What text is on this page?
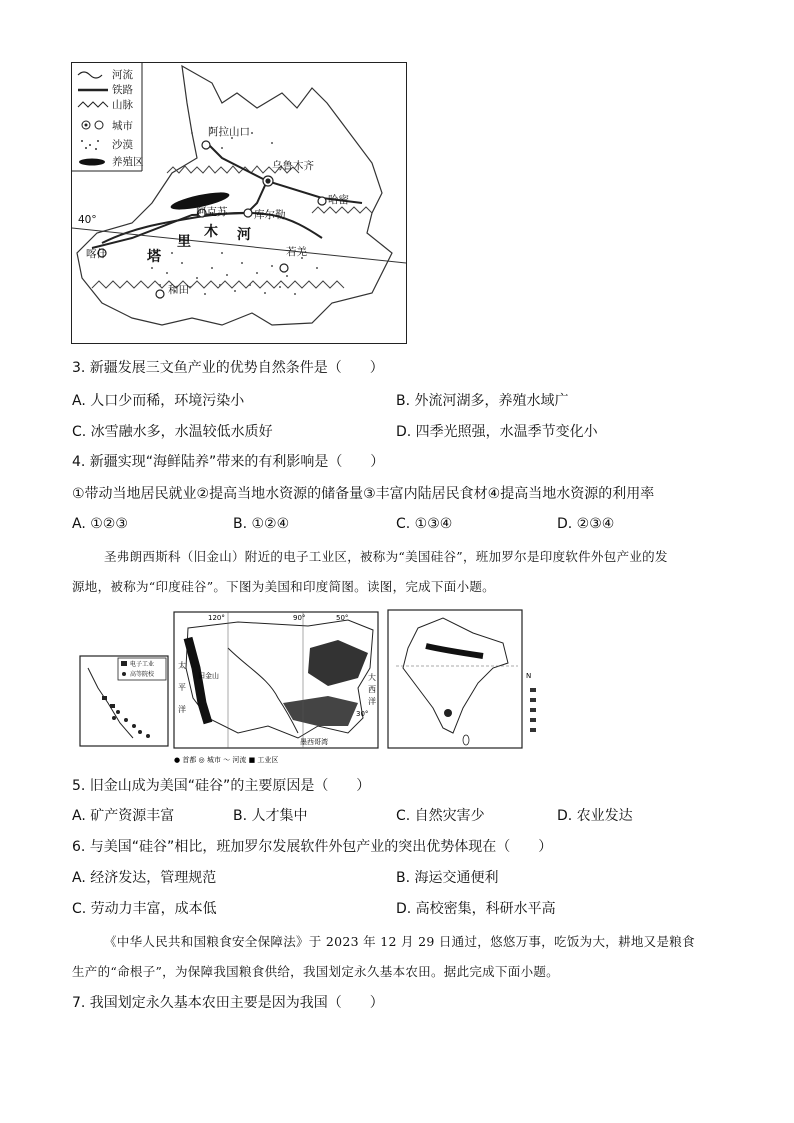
40°
阿拉山口
乌鲁木齐
哈密
阿克苏	库尔勒
若羌
喀什
和田
里
木 河
塔
河流
铁路
山脉
城市
沙漠
养殖区
3. 新疆发展三文鱼产业的优势自然条件是（　　）
A. 人口少而稀，环境污染小	B. 外流河湖多，养殖水域广
C. 冰雪融水多，水温较低水质好	D. 四季光照强，水温季节变化小
4. 新疆实现“海鲜陆养”带来的有利影响是（　　）
①带动当地居民就业②提高当地水资源的储备量③丰富内陆居民食材④提高当地水资源的利用率
A. ①②③	B. ①②④	C. ①③④	D. ②③④
圣弗朗西斯科（旧金山）附近的电子工业区，被称为“美国硅谷”，班加罗尔是印度软件外包产业的发
源地，被称为“印度硅谷”。下图为美国和印度简图。读图，完成下面小题。
电子工业
高等院校
120°	90°	50°
30°
旧金山	大
西
洋
太
平
洋
墨西哥湾
● 首都 ◎ 城市 〜 河流 ■ 工业区
N
5. 旧金山成为美国“硅谷”的主要原因是（　　）
A. 矿产资源丰富	B. 人才集中	C. 自然灾害少	D. 农业发达
6. 与美国“硅谷”相比，班加罗尔发展软件外包产业的突出优势体现在（　　）
A. 经济发达，管理规范	B. 海运交通便利
C. 劳动力丰富，成本低	D. 高校密集，科研水平高
《中华人民共和国粮食安全保障法》于 2023 年 12 月 29 日通过，悠悠万事，吃饭为大，耕地又是粮食
生产的“命根子”，为保障我国粮食供给，我国划定永久基本农田。据此完成下面小题。
7. 我国划定永久基本农田主要是因为我国（　　）
